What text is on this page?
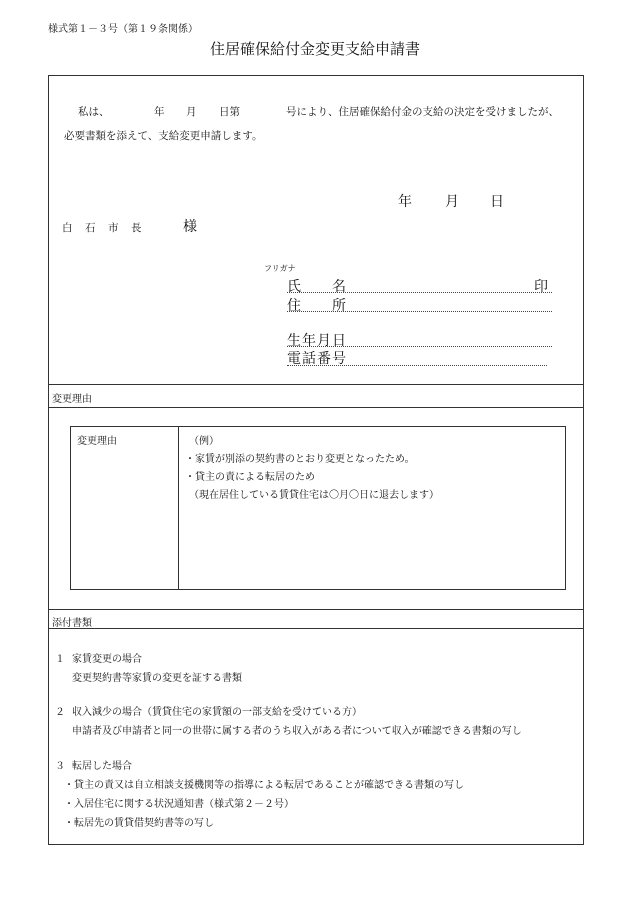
様式第１－３号（第１９条関係）
住居確保給付金変更支給申請書
私は、	年 月 日第	号により、住居確保給付金の支給の決定を受けましたが、
必要書類を添えて、支給変更申請します。
年 月 日
白　石　市　長	様
フリガナ
氏　　名	印
住　　所
生年月日
電話番号
変更理由
変更理由	（例）
・家賃が別添の契約書のとおり変更となったため。
・貸主の責による転居のため
（現在居住している賃貸住宅は〇月〇日に退去します）
添付書類
１ 家賃変更の場合
変更契約書等家賃の変更を証する書類
２ 収入減少の場合（賃貸住宅の家賃額の一部支給を受けている方）
申請者及び申請者と同一の世帯に属する者のうち収入がある者について収入が確認できる書類の写し
３ 転居した場合
・貸主の責又は自立相談支援機関等の指導による転居であることが確認できる書類の写し
・入居住宅に関する状況通知書（様式第２－２号）
・転居先の賃貸借契約書等の写し
